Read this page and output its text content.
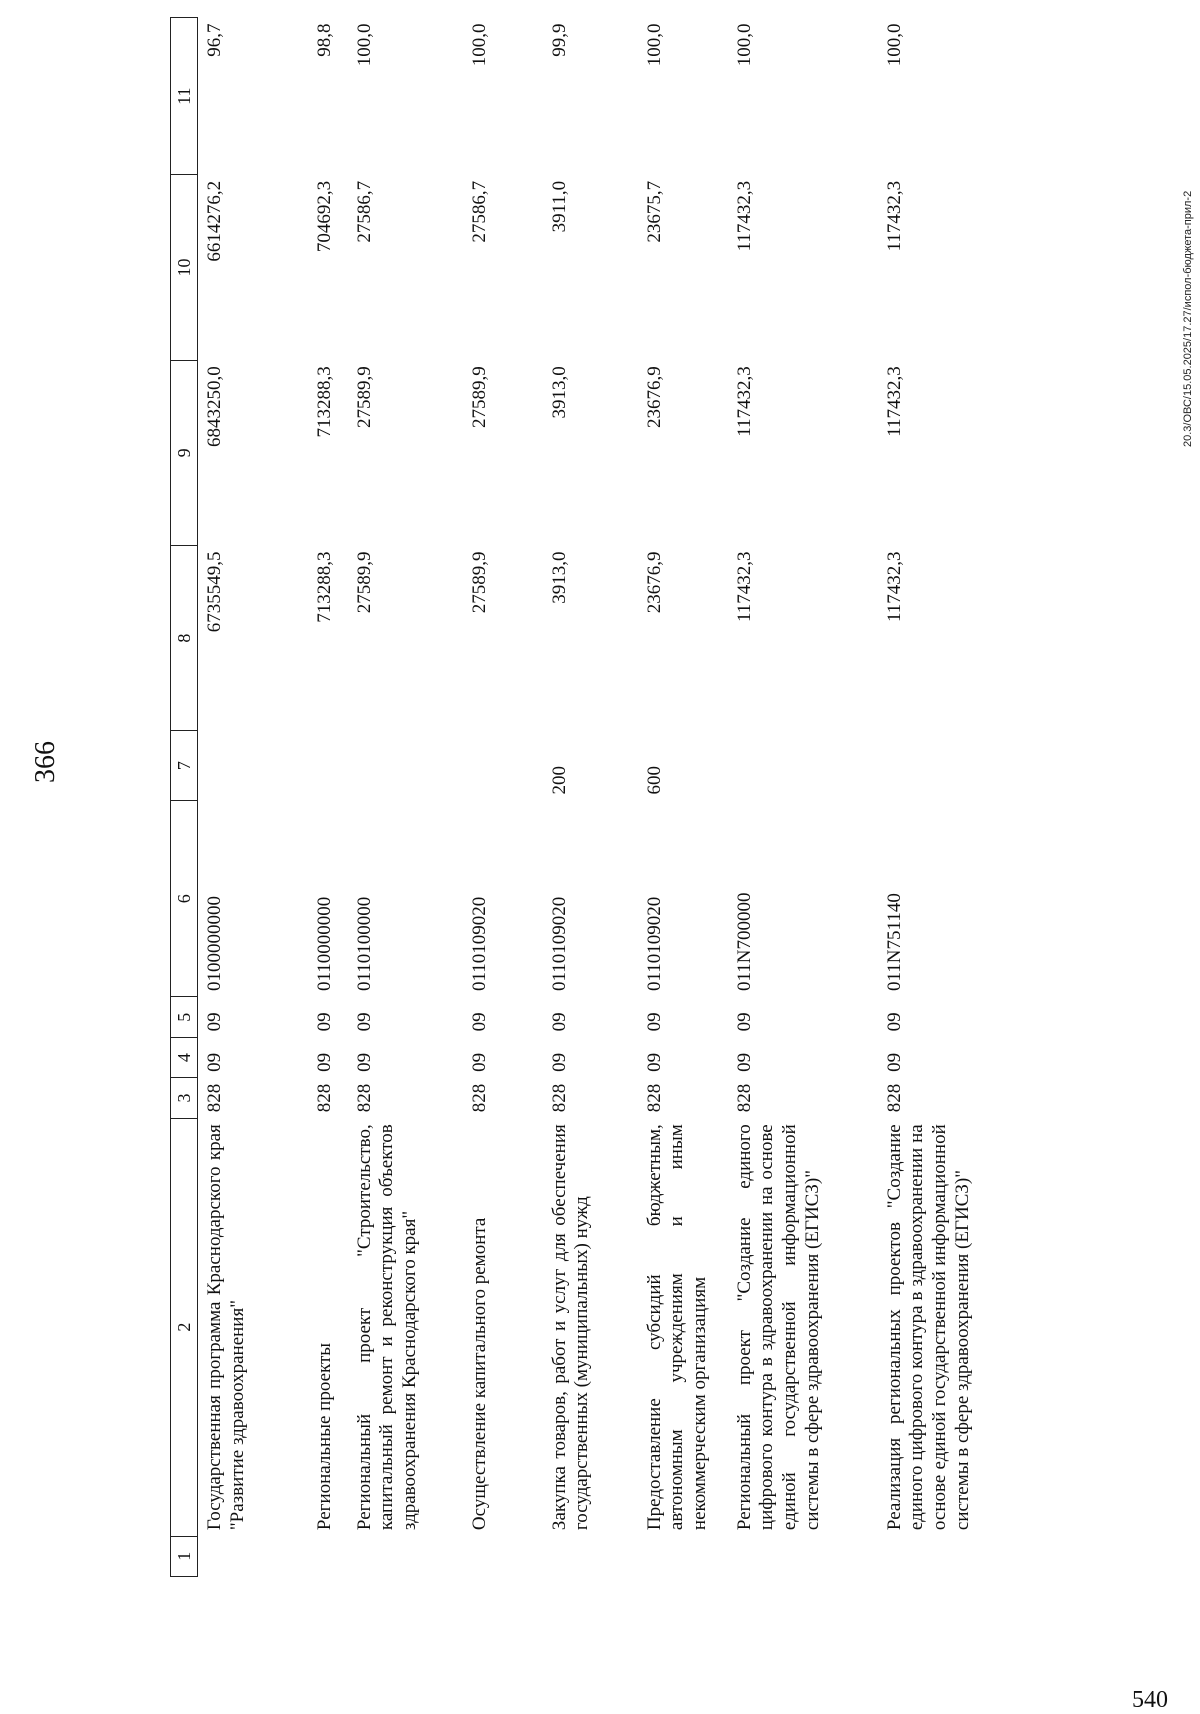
366
540
20.3/ОВС/15.05.2025/17.27/испол-бюджета-прил-2
1	2	3	4	5	6	7	8	9	10	11
	Государственная программа Краснодарского края "Развитие здравоохранения"	828	09	09	0100000000		6735549,5	6843250,0	6614276,2	96,7
	Региональные проекты	828	09	09	0110000000		713288,3	713288,3	704692,3	98,8
	Региональный проект "Строительство, капитальный ремонт и реконструкция объектов здравоохранения Краснодарского края"	828	09	09	0110100000		27589,9	27589,9	27586,7	100,0
	Осуществление капитального ремонта	828	09	09	0110109020		27589,9	27589,9	27586,7	100,0
	Закупка товаров, работ и услуг для обеспечения государственных (муниципальных) нужд	828	09	09	0110109020	200	3913,0	3913,0	3911,0	99,9
	Предоставление субсидий бюджетным, автономным учреждениям и иным некоммерческим организациям	828	09	09	0110109020	600	23676,9	23676,9	23675,7	100,0
	Региональный проект "Создание единого цифрового контура в здравоохранении на основе единой государственной информационной системы в сфере здравоохранения (ЕГИСЗ)"	828	09	09	011N700000		117432,3	117432,3	117432,3	100,0
	Реализация региональных проектов "Создание единого цифрового контура в здравоохранении на основе единой государственной информационной системы в сфере здравоохранения (ЕГИСЗ)"	828	09	09	011N751140		117432,3	117432,3	117432,3	100,0
